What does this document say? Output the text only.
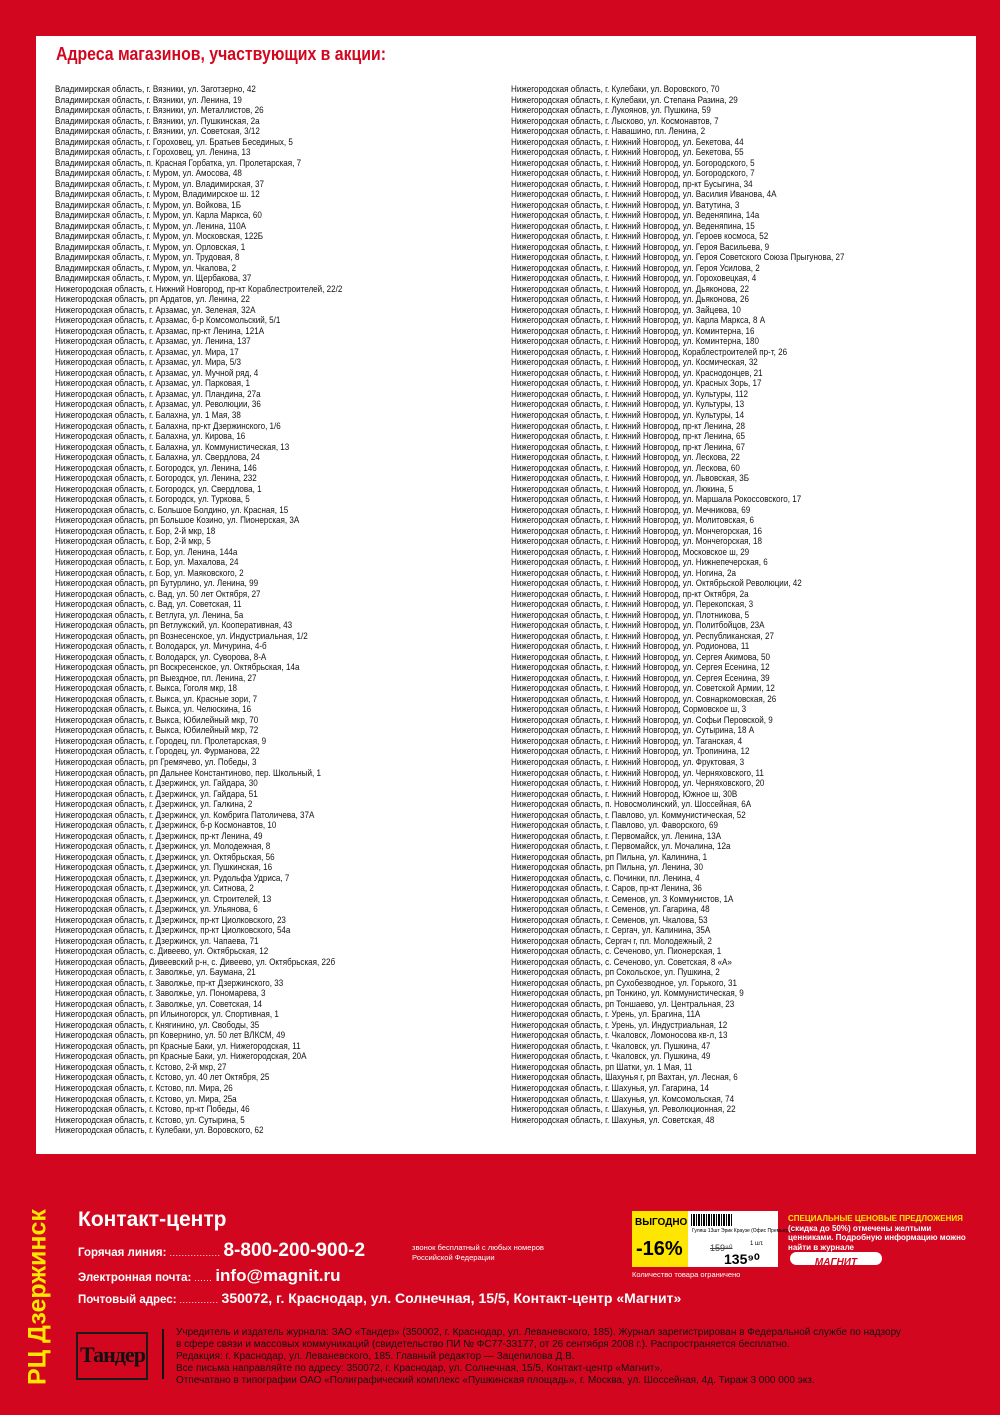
Адреса магазинов, участвующих в акции:
Владимирская область, г. Вязники, ул. Заготзерно, 42
Владимирская область, г. Вязники, ул. Ленина, 19
Владимирская область, г. Вязники, ул. Металлистов, 26
Владимирская область, г. Вязники, ул. Пушкинская, 2а
Владимирская область, г. Вязники, ул. Советская, 3/12
Владимирская область, г. Гороховец, ул. Братьев Бесединых, 5
Владимирская область, г. Гороховец, ул. Ленина, 13
Владимирская область, п. Красная Горбатка, ул. Пролетарская, 7
Владимирская область, г. Муром, ул. Амосова, 48
Владимирская область, г. Муром, ул. Владимирская, 37
Владимирская область, г. Муром, Владимирское ш. 12
Владимирская область, г. Муром, ул. Войкова, 1Б
Владимирская область, г. Муром, ул. Карла Маркса, 60
Владимирская область, г. Муром, ул. Ленина, 110А
Владимирская область, г. Муром, ул. Московская, 122Б
Владимирская область, г. Муром, ул. Орловская, 1
Владимирская область, г. Муром, ул. Трудовая, 8
Владимирская область, г. Муром, ул. Чкалова, 2
Владимирская область, г. Муром, ул. Щербакова, 37
Нижегородская область, г. Нижний Новгород, пр-кт Кораблестроителей, 22/2
Нижегородская область, рп Ардатов, ул. Ленина, 22
Нижегородская область, г. Арзамас, ул. Зеленая, 32А
Нижегородская область, г. Арзамас, б-р Комсомольский, 5/1
Нижегородская область, г. Арзамас, пр-кт Ленина, 121А
Нижегородская область, г. Арзамас, ул. Ленина, 137
Нижегородская область, г. Арзамас, ул. Мира, 17
Нижегородская область, г. Арзамас, ул. Мира, 5/3
Нижегородская область, г. Арзамас, ул. Мучной ряд, 4
Нижегородская область, г. Арзамас, ул. Парковая, 1
Нижегородская область, г. Арзамас, ул. Пландина, 27а
Нижегородская область, г. Арзамас, ул. Революции, 36
Нижегородская область, г. Балахна, ул. 1 Мая, 38
Нижегородская область, г. Балахна, пр-кт Дзержинского, 1/6
Нижегородская область, г. Балахна, ул. Кирова, 16
Нижегородская область, г. Балахна, ул. Коммунистическая, 13
Нижегородская область, г. Балахна, ул. Свердлова, 24
Нижегородская область, г. Богородск, ул. Ленина, 146
Нижегородская область, г. Богородск, ул. Ленина, 232
Нижегородская область, г. Богородск, ул. Свердлова, 1
Нижегородская область, г. Богородск, ул. Туркова, 5
Нижегородская область, с. Большое Болдино, ул. Красная, 15
Нижегородская область, рп Большое Козино, ул. Пионерская, 3А
Нижегородская область, г. Бор, 2-й мкр, 18
Нижегородская область, г. Бор, 2-й мкр, 5
Нижегородская область, г. Бор, ул. Ленина, 144а
Нижегородская область, г. Бор, ул. Махалова, 24
Нижегородская область, г. Бор, ул. Маяковского, 2
Нижегородская область, рп Бутурлино, ул. Ленина, 99
Нижегородская область, с. Вад, ул. 50 лет Октября, 27
Нижегородская область, с. Вад, ул. Советская, 11
Нижегородская область, г. Ветлуга, ул. Ленина, 5а
Нижегородская область, рп Ветлужский, ул. Кооперативная, 43
Нижегородская область, рп Вознесенское, ул. Индустриальная, 1/2
Нижегородская область, г. Володарск, ул. Мичурина, 4-б
Нижегородская область, г. Володарск, ул. Суворова, 8-А
Нижегородская область, рп Воскресенское, ул. Октябрьская, 14а
Нижегородская область, рп Выездное, пл. Ленина, 27
Нижегородская область, г. Выкса, Гоголя мкр, 18
Нижегородская область, г. Выкса, ул. Красные зори, 7
Нижегородская область, г. Выкса, ул. Челюскина, 16
Нижегородская область, г. Выкса, Юбилейный мкр, 70
Нижегородская область, г. Выкса, Юбилейный мкр, 72
Нижегородская область, г. Городец, пл. Пролетарская, 9
Нижегородская область, г. Городец, ул. Фурманова, 22
Нижегородская область, рп Гремячево, ул. Победы, 3
Нижегородская область, рп Дальнее Константиново, пер. Школьный, 1
Нижегородская область, г. Дзержинск, ул. Гайдара, 30
Нижегородская область, г. Дзержинск, ул. Гайдара, 51
Нижегородская область, г. Дзержинск, ул. Галкина, 2
Нижегородская область, г. Дзержинск, ул. Комбрига Патоличева, 37А
Нижегородская область, г. Дзержинск, б-р Космонавтов, 10
Нижегородская область, г. Дзержинск, пр-кт Ленина, 49
Нижегородская область, г. Дзержинск, ул. Молодежная, 8
Нижегородская область, г. Дзержинск, ул. Октябрьская, 56
Нижегородская область, г. Дзержинск, ул. Пушкинская, 16
Нижегородская область, г. Дзержинск, ул. Рудольфа Удриса, 7
Нижегородская область, г. Дзержинск, ул. Ситнова, 2
Нижегородская область, г. Дзержинск, ул. Строителей, 13
Нижегородская область, г. Дзержинск, ул. Ульянова, 6
Нижегородская область, г. Дзержинск, пр-кт Циолковского, 23
Нижегородская область, г. Дзержинск, пр-кт Циолковского, 54а
Нижегородская область, г. Дзержинск, ул. Чапаева, 71
Нижегородская область, с. Дивеево, ул. Октябрьская, 12
Нижегородская область, Дивеевский р-н, с. Дивеево, ул. Октябрьская, 22б
Нижегородская область, г. Заволжье, ул. Баумана, 21
Нижегородская область, г. Заволжье, пр-кт Дзержинского, 33
Нижегородская область, г. Заволжье, ул. Пономарева, 3
Нижегородская область, г. Заволжье, ул. Советская, 14
Нижегородская область, рп Ильиногорск, ул. Спортивная, 1
Нижегородская область, г. Княгинино, ул. Свободы, 35
Нижегородская область, рп Ковернино, ул. 50 лет ВЛКСМ, 49
Нижегородская область, рп Красные Баки, ул. Нижегородская, 11
Нижегородская область, рп Красные Баки, ул. Нижегородская, 20А
Нижегородская область, г. Кстово, 2-й мкр, 27
Нижегородская область, г. Кстово, ул. 40 лет Октября, 25
Нижегородская область, г. Кстово, пл. Мира, 26
Нижегородская область, г. Кстово, ул. Мира, 25а
Нижегородская область, г. Кстово, пр-кт Победы, 46
Нижегородская область, г. Кстово, ул. Сутырина, 5
Нижегородская область, г. Кулебаки, ул. Воровского, 62
Нижегородская область, г. Кулебаки, ул. Воровского, 70
Нижегородская область, г. Кулебаки, ул. Степана Разина, 29
Нижегородская область, г. Лукоянов, ул. Пушкина, 59
Нижегородская область, г. Лысково, ул. Космонавтов, 7
Нижегородская область, г. Навашино, пл. Ленина, 2
Нижегородская область, г. Нижний Новгород, ул. Бекетова, 44
Нижегородская область, г. Нижний Новгород, ул. Бекетова, 55
Нижегородская область, г. Нижний Новгород, ул. Богородского, 5
Нижегородская область, г. Нижний Новгород, ул. Богородского, 7
Нижегородская область, г. Нижний Новгород, пр-кт Бусыгина, 34
Нижегородская область, г. Нижний Новгород, ул. Василия Иванова, 4А
Нижегородская область, г. Нижний Новгород, ул. Ватутина, 3
Нижегородская область, г. Нижний Новгород, ул. Веденяпина, 14а
Нижегородская область, г. Нижний Новгород, ул. Веденяпина, 15
Нижегородская область, г. Нижний Новгород, ул. Героев космоса, 52
Нижегородская область, г. Нижний Новгород, ул. Героя Васильева, 9
Нижегородская область, г. Нижний Новгород, ул. Героя Советского Союза Прыгунова, 27
Нижегородская область, г. Нижний Новгород, ул. Героя Усилова, 2
Нижегородская область, г. Нижний Новгород, ул. Гороховецкая, 4
Нижегородская область, г. Нижний Новгород, ул. Дьяконова, 22
Нижегородская область, г. Нижний Новгород, ул. Дьяконова, 26
Нижегородская область, г. Нижний Новгород, ул. Зайцева, 10
Нижегородская область, г. Нижний Новгород, ул. Карла Маркса, 8 А
Нижегородская область, г. Нижний Новгород, ул. Коминтерна, 16
Нижегородская область, г. Нижний Новгород, ул. Коминтерна, 180
Нижегородская область, г. Нижний Новгород, Кораблестроителей пр-т, 26
Нижегородская область, г. Нижний Новгород, ул. Космическая, 32
Нижегородская область, г. Нижний Новгород, ул. Краснодонцев, 21
Нижегородская область, г. Нижний Новгород, ул. Красных Зорь, 17
Нижегородская область, г. Нижний Новгород, ул. Культуры, 112
Нижегородская область, г. Нижний Новгород, ул. Культуры, 13
Нижегородская область, г. Нижний Новгород, ул. Культуры, 14
Нижегородская область, г. Нижний Новгород, пр-кт Ленина, 28
Нижегородская область, г. Нижний Новгород, пр-кт Ленина, 65
Нижегородская область, г. Нижний Новгород, пр-кт Ленина, 67
Нижегородская область, г. Нижний Новгород, ул. Лескова, 22
Нижегородская область, г. Нижний Новгород, ул. Лескова, 60
Нижегородская область, г. Нижний Новгород, ул. Львовская, 3Б
Нижегородская область, г. Нижний Новгород, ул. Люкина, 5
Нижегородская область, г. Нижний Новгород, ул. Маршала Рокоссовского, 17
Нижегородская область, г. Нижний Новгород, ул. Мечникова, 69
Нижегородская область, г. Нижний Новгород, ул. Молитовская, 6
Нижегородская область, г. Нижний Новгород, ул. Мончегорская, 16
Нижегородская область, г. Нижний Новгород, ул. Мончегорская, 18
Нижегородская область, г. Нижний Новгород, Московское ш, 29
Нижегородская область, г. Нижний Новгород, ул. Нижнепечерская, 6
Нижегородская область, г. Нижний Новгород, ул. Ногина, 2а
Нижегородская область, г. Нижний Новгород, ул. Октябрьской Революции, 42
Нижегородская область, г. Нижний Новгород, пр-кт Октября, 2а
Нижегородская область, г. Нижний Новгород, ул. Перекопская, 3
Нижегородская область, г. Нижний Новгород, ул. Плотникова, 5
Нижегородская область, г. Нижний Новгород, ул. Политбойцов, 23А
Нижегородская область, г. Нижний Новгород, ул. Республиканская, 27
Нижегородская область, г. Нижний Новгород, ул. Родионова, 11
Нижегородская область, г. Нижний Новгород, ул. Сергея Акимова, 50
Нижегородская область, г. Нижний Новгород, ул. Сергея Есенина, 12
Нижегородская область, г. Нижний Новгород, ул. Сергея Есенина, 39
Нижегородская область, г. Нижний Новгород, ул. Советской Армии, 12
Нижегородская область, г. Нижний Новгород, ул. Совнаркомовская, 26
Нижегородская область, г. Нижний Новгород, Сормовское ш, 3
Нижегородская область, г. Нижний Новгород, ул. Софьи Перовской, 9
Нижегородская область, г. Нижний Новгород, ул. Сутырина, 18 А
Нижегородская область, г. Нижний Новгород, ул. Таганская, 4
Нижегородская область, г. Нижний Новгород, ул. Тропинина, 12
Нижегородская область, г. Нижний Новгород, ул. Фруктовая, 3
Нижегородская область, г. Нижний Новгород, ул. Черняховского, 11
Нижегородская область, г. Нижний Новгород, ул. Черняховского, 20
Нижегородская область, г. Нижний Новгород, Южное ш, 30В
Нижегородская область, п. Новосмолинский, ул. Шоссейная, 6А
Нижегородская область, г. Павлово, ул. Коммунистическая, 52
Нижегородская область, г. Павлово, ул. Фаворского, 69
Нижегородская область, г. Первомайск, ул. Ленина, 13А
Нижегородская область, г. Первомайск, ул. Мочалина, 12а
Нижегородская область, рп Пильна, ул. Калинина, 1
Нижегородская область, рп Пильна, ул. Ленина, 30
Нижегородская область, с. Починки, пл. Ленина, 4
Нижегородская область, г. Саров, пр-кт Ленина, 36
Нижегородская область, г. Семенов, ул. 3 Коммунистов, 1А
Нижегородская область, г. Семенов, ул. Гагарина, 48
Нижегородская область, г. Семенов, ул. Чкалова, 53
Нижегородская область, г. Сергач, ул. Калинина, 35А
Нижегородская область, Сергач г, пл. Молодежный, 2
Нижегородская область, с. Сеченово, ул. Пионерская, 1
Нижегородская область, с. Сеченово, ул. Советская, 8 «А»
Нижегородская область, рп Сокольское, ул. Пушкина, 2
Нижегородская область, рп Сухобезводное, ул. Горького, 31
Нижегородская область, рп Тонкино, ул. Коммунистическая, 9
Нижегородская область, рп Тоншаево, ул. Центральная, 23
Нижегородская область, г. Урень, ул. Брагина, 11А
Нижегородская область, г. Урень, ул. Индустриальная, 12
Нижегородская область, г. Чкаловск, Ломоносова кв-л, 13
Нижегородская область, г. Чкаловск, ул. Пушкина, 47
Нижегородская область, г. Чкаловск, ул. Пушкина, 49
Нижегородская область, рп Шатки, ул. 1 Мая, 11
Нижегородская область, Шахунья г, рп Вахтан, ул. Лесная, 6
Нижегородская область, г. Шахунья, ул. Гагарина, 14
Нижегородская область, г. Шахунья, ул. Комсомольская, 74
Нижегородская область, г. Шахунья, ул. Революционная, 22
Нижегородская область, г. Шахунья, ул. Советская, 48
РЦ Дзержинск Контакт-центр
Горячая линия: ................. 8-800-200-900-2	звонок бесплатный с любых номеров Российской Федерации
Электронная почта: ...... info@magnit.ru
Почтовый адрес: ............. 350072, г. Краснодар, ул. Солнечная, 15/5, Контакт-центр «Магнит»
ВЫГОДНО
-16%
Гуляш 13шт Эрик Краузе (Офис Премьер) 3/70
159⁹⁰	1 шт.
135⁹⁰
Количество товара ограничено
СПЕЦИАЛЬНЫЕ ЦЕНОВЫЕ ПРЕДЛОЖЕНИЯ (скидка до 50%) отмечены желтыми ценниками. Подробную информацию можно найти в журнале
МАГНИТ
Тандер
Учредитель и издатель журнала: ЗАО «Тандер» (350002, г. Краснодар, ул. Леваневского, 185). Журнал зарегистрирован в Федеральной службе по надзору
в сфере связи и массовых коммуникаций (свидетельство ПИ № ФС77-33177, от 26 сентября 2008 г.). Распространяется бесплатно.
Редакция: г. Краснодар, ул. Леваневского, 185. Главный редактор — Зацепилова Д.В.
Все письма направляйте по адресу: 350072, г. Краснодар, ул. Солнечная, 15/5, Контакт-центр «Магнит».
Отпечатано в типографии ОАО «Полиграфический комплекс «Пушкинская площадь», г. Москва, ул. Шоссейная, 4д. Тираж 3 000 000 экз.
